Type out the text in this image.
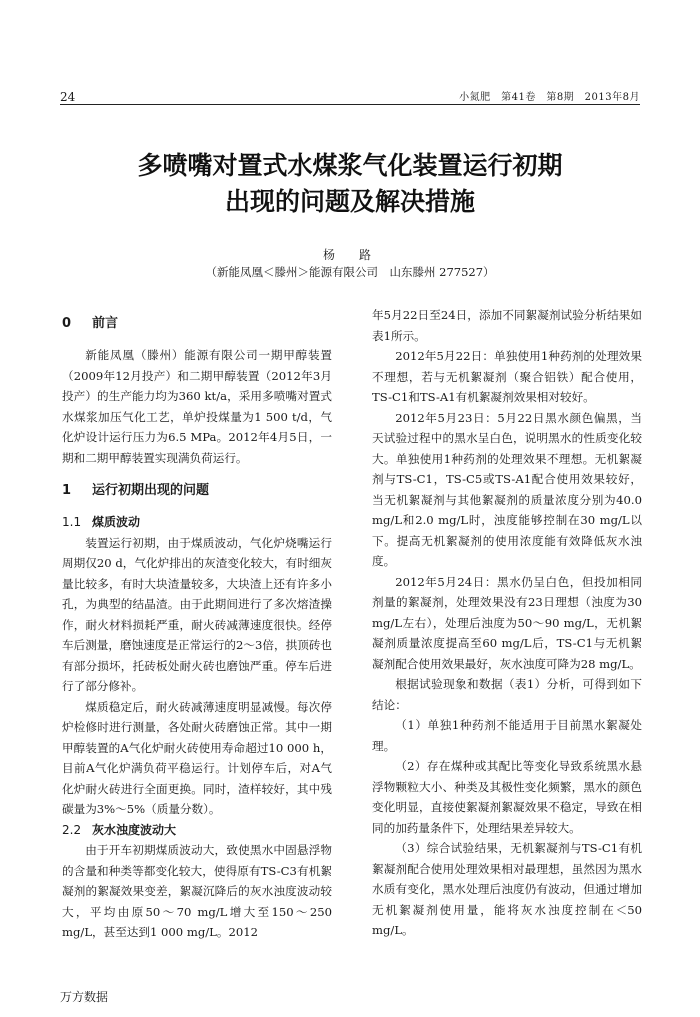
24	小氮肥　第41卷　第8期　2013年8月
多喷嘴对置式水煤浆气化装置运行初期
出现的问题及解决措施
杨　路
（新能凤凰＜滕州＞能源有限公司　山东滕州 277527）
0 前言

新能凤凰（滕州）能源有限公司一期甲醇装置（2009年12月投产）和二期甲醇装置（2012年3月投产）的生产能力均为360 kt/a，采用多喷嘴对置式水煤浆加压气化工艺，单炉投煤量为1 500 t/d，气化炉设计运行压力为6.5 MPa。2012年4月5日，一期和二期甲醇装置实现满负荷运行。

1 运行初期出现的问题
1.1 煤质波动

装置运行初期，由于煤质波动，气化炉烧嘴运行周期仅20 d，气化炉排出的灰渣变化较大，有时细灰量比较多，有时大块渣量较多，大块渣上还有许多小孔，为典型的结晶渣。由于此期间进行了多次熔渣操作，耐火材料损耗严重，耐火砖减薄速度很快。经停车后测量，磨蚀速度是正常运行的2～3倍，拱顶砖也有部分损坏，托砖板处耐火砖也磨蚀严重。停车后进行了部分修补。

煤质稳定后，耐火砖减薄速度明显减慢。每次停炉检修时进行测量，各处耐火砖磨蚀正常。其中一期甲醇装置的A气化炉耐火砖使用寿命超过10 000 h，目前A气化炉满负荷平稳运行。计划停车后，对A气化炉耐火砖进行全面更换。同时，渣样较好，其中残碳量为3%～5%（质量分数）。

2.2 灰水浊度波动大

由于开车初期煤质波动大，致使黑水中固悬浮物的含量和种类等都变化较大，使得原有TS-C3有机絮凝剂的絮凝效果变差，絮凝沉降后的灰水浊度波动较大，平均由原50～70 mg/L增大至150～250 mg/L，甚至达到1 000 mg/L。2012

年5月22日至24日，添加不同絮凝剂试验分析结果如表1所示。

2012年5月22日：单独使用1种药剂的处理效果不理想，若与无机絮凝剂（聚合铝铁）配合使用，TS-C1和TS-A1有机絮凝剂效果相对较好。

2012年5月23日：5月22日黑水颜色偏黑，当天试验过程中的黑水呈白色，说明黑水的性质变化较大。单独使用1种药剂的处理效果不理想。无机絮凝剂与TS-C1，TS-C5或TS-A1配合使用效果较好，当无机絮凝剂与其他絮凝剂的质量浓度分别为40.0 mg/L和2.0 mg/L时，浊度能够控制在30 mg/L以下。提高无机絮凝剂的使用浓度能有效降低灰水浊度。

2012年5月24日：黑水仍呈白色，但投加相同剂量的絮凝剂，处理效果没有23日理想（浊度为30 mg/L左右），处理后浊度为50～90 mg/L，无机絮凝剂质量浓度提高至60 mg/L后，TS-C1与无机絮凝剂配合使用效果最好，灰水浊度可降为28 mg/L。

根据试验现象和数据（表1）分析，可得到如下结论：

（1）单独1种药剂不能适用于目前黑水絮凝处理。

（2）存在煤种或其配比等变化导致系统黑水悬浮物颗粒大小、种类及其极性变化频繁，黑水的颜色变化明显，直接使絮凝剂絮凝效果不稳定，导致在相同的加药量条件下，处理结果差异较大。

（3）综合试验结果，无机絮凝剂与TS-C1有机絮凝剂配合使用处理效果相对最理想，虽然因为黑水水质有变化，黑水处理后浊度仍有波动，但通过增加无机絮凝剂使用量，能将灰水浊度控制在＜50 mg/L。

万方数据
